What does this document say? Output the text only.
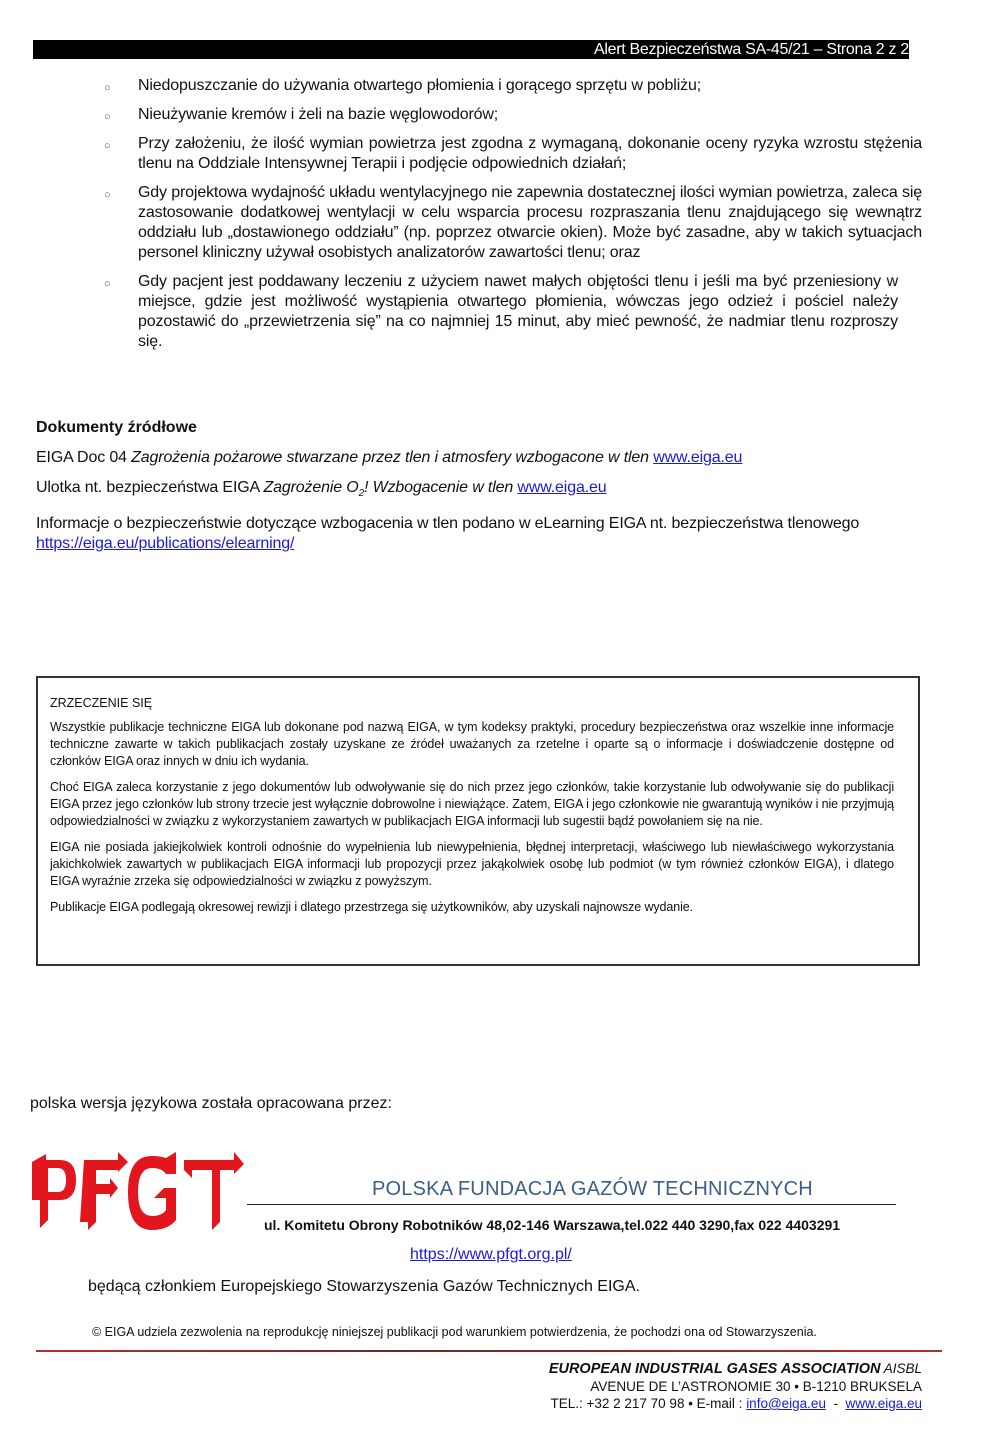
Alert Bezpieczeństwa SA-45/21 – Strona 2 z 2
○ Niedopuszczanie do używania otwartego płomienia i gorącego sprzętu w pobliżu;
○ Nieużywanie kremów i żeli na bazie węglowodorów;
○ Przy założeniu, że ilość wymian powietrza jest zgodna z wymaganą, dokonanie oceny ryzyka wzrostu stężenia tlenu na Oddziale Intensywnej Terapii i podjęcie odpowiednich działań;
○ Gdy projektowa wydajność układu wentylacyjnego nie zapewnia dostatecznej ilości wymian powietrza, zaleca się zastosowanie dodatkowej wentylacji w celu wsparcia procesu rozpraszania tlenu znajdującego się wewnątrz oddziału lub „dostawionego oddziału” (np. poprzez otwarcie okien). Może być zasadne, aby w takich sytuacjach personel kliniczny używał osobistych analizatorów zawartości tlenu; oraz
○ Gdy pacjent jest poddawany leczeniu z użyciem nawet małych objętości tlenu i jeśli ma być przeniesiony w miejsce, gdzie jest możliwość wystąpienia otwartego płomienia, wówczas jego odzież i pościel należy pozostawić do „przewietrzenia się” na co najmniej 15 minut, aby mieć pewność, że nadmiar tlenu rozproszy się.
Dokumenty źródłowe

EIGA Doc 04 Zagrożenia pożarowe stwarzane przez tlen i atmosfery wzbogacone w tlen www.eiga.eu

Ulotka nt. bezpieczeństwa EIGA Zagrożenie $O_2$! Wzbogacenie w tlen www.eiga.eu

Informacje o bezpieczeństwie dotyczące wzbogacenia w tlen podano w eLearning EIGA nt. bezpieczeństwa tlenowego https://eiga.eu/publications/elearning/

ZRZECZENIE SIĘ

Wszystkie publikacje techniczne EIGA lub dokonane pod nazwą EIGA, w tym kodeksy praktyki, procedury bezpieczeństwa oraz wszelkie inne informacje techniczne zawarte w takich publikacjach zostały uzyskane ze źródeł uważanych za rzetelne i oparte są o informacje i doświadczenie dostępne od członków EIGA oraz innych w dniu ich wydania.

Choć EIGA zaleca korzystanie z jego dokumentów lub odwoływanie się do nich przez jego członków, takie korzystanie lub odwoływanie się do publikacji EIGA przez jego członków lub strony trzecie jest wyłącznie dobrowolne i niewiążące. Zatem, EIGA i jego członkowie nie gwarantują wyników i nie przyjmują odpowiedzialności w związku z wykorzystaniem zawartych w publikacjach EIGA informacji lub sugestii bądź powołaniem się na nie.

EIGA nie posiada jakiejkolwiek kontroli odnośnie do wypełnienia lub niewypełnienia, błędnej interpretacji, właściwego lub niewłaściwego wykorzystania jakichkolwiek zawartych w publikacjach EIGA informacji lub propozycji przez jakąkolwiek osobę lub podmiot (w tym również członków EIGA), i dlatego EIGA wyraźnie zrzeka się odpowiedzialności w związku z powyższym.

Publikacje EIGA podlegają okresowej rewizji i dlatego przestrzega się użytkowników, aby uzyskali najnowsze wydanie.

polska wersja językowa została opracowana przez:
POLSKA FUNDACJA GAZÓW TECHNICZNYCH
ul. Komitetu Obrony Robotników 48,02-146 Warszawa,tel.022 440 3290,fax 022 4403291
https://www.pfgt.org.pl/
będącą członkiem Europejskiego Stowarzyszenia Gazów Technicznych EIGA.
© EIGA udziela zezwolenia na reprodukcję niniejszej publikacji pod warunkiem potwierdzenia, że pochodzi ona od Stowarzyszenia.
EUROPEAN INDUSTRIAL GASES ASSOCIATION AISBL
AVENUE DE L’ASTRONOMIE 30 • B-1210 BRUKSELA
TEL.: +32 2 217 70 98 • E-mail : info@eiga.eu  -  www.eiga.eu
